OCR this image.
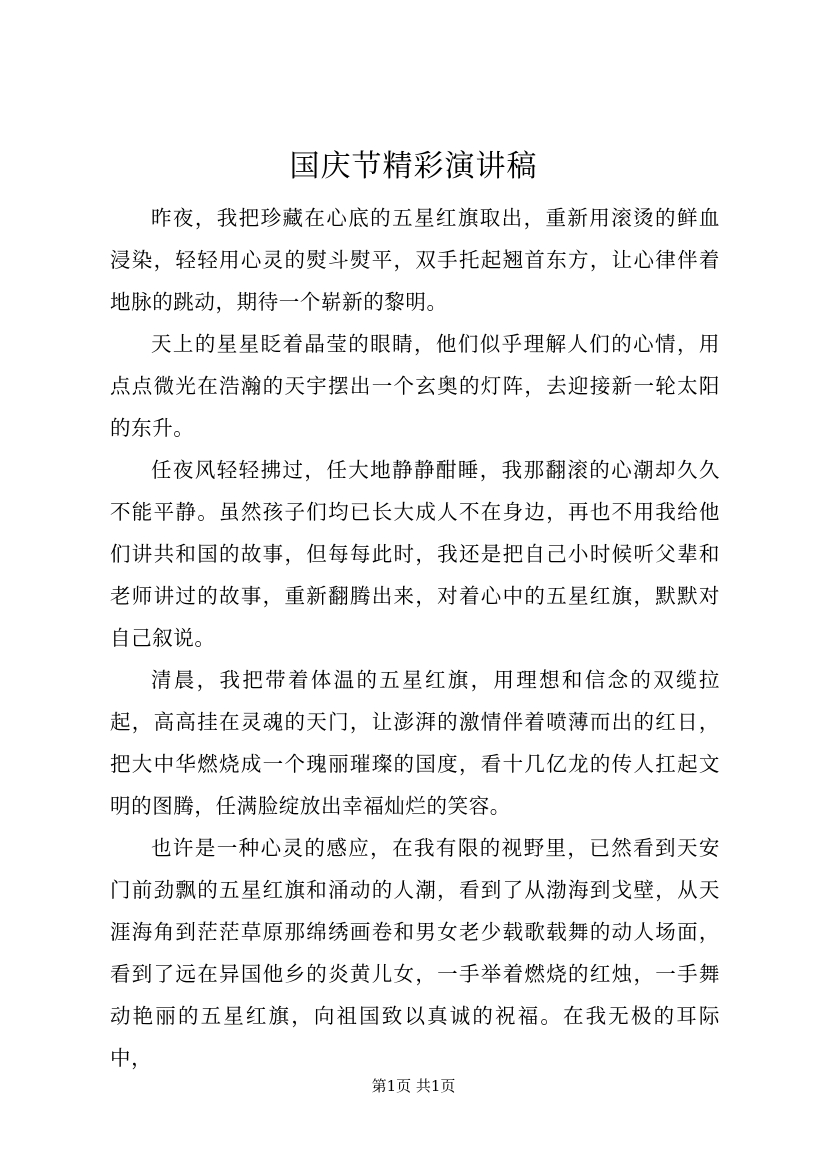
国庆节精彩演讲稿

昨夜，我把珍藏在心底的五星红旗取出，重新用滚烫的鲜血浸染，轻轻用心灵的熨斗熨平，双手托起翘首东方，让心律伴着地脉的跳动，期待一个崭新的黎明。

天上的星星眨着晶莹的眼睛，他们似乎理解人们的心情，用点点微光在浩瀚的天宇摆出一个玄奥的灯阵，去迎接新一轮太阳的东升。

任夜风轻轻拂过，任大地静静酣睡，我那翻滚的心潮却久久不能平静。虽然孩子们均已长大成人不在身边，再也不用我给他们讲共和国的故事，但每每此时，我还是把自己小时候听父辈和老师讲过的故事，重新翻腾出来，对着心中的五星红旗，默默对自己叙说。

清晨，我把带着体温的五星红旗，用理想和信念的双缆拉起，高高挂在灵魂的天门，让澎湃的激情伴着喷薄而出的红日，把大中华燃烧成一个瑰丽璀璨的国度，看十几亿龙的传人扛起文明的图腾，任满脸绽放出幸福灿烂的笑容。

也许是一种心灵的感应，在我有限的视野里，已然看到天安门前劲飘的五星红旗和涌动的人潮，看到了从渤海到戈壁，从天涯海角到茫茫草原那绵绣画卷和男女老少载歌载舞的动人场面，看到了远在异国他乡的炎黄儿女，一手举着燃烧的红烛，一手舞动艳丽的五星红旗，向祖国致以真诚的祝福。在我无极的耳际中，

第1页 共1页
